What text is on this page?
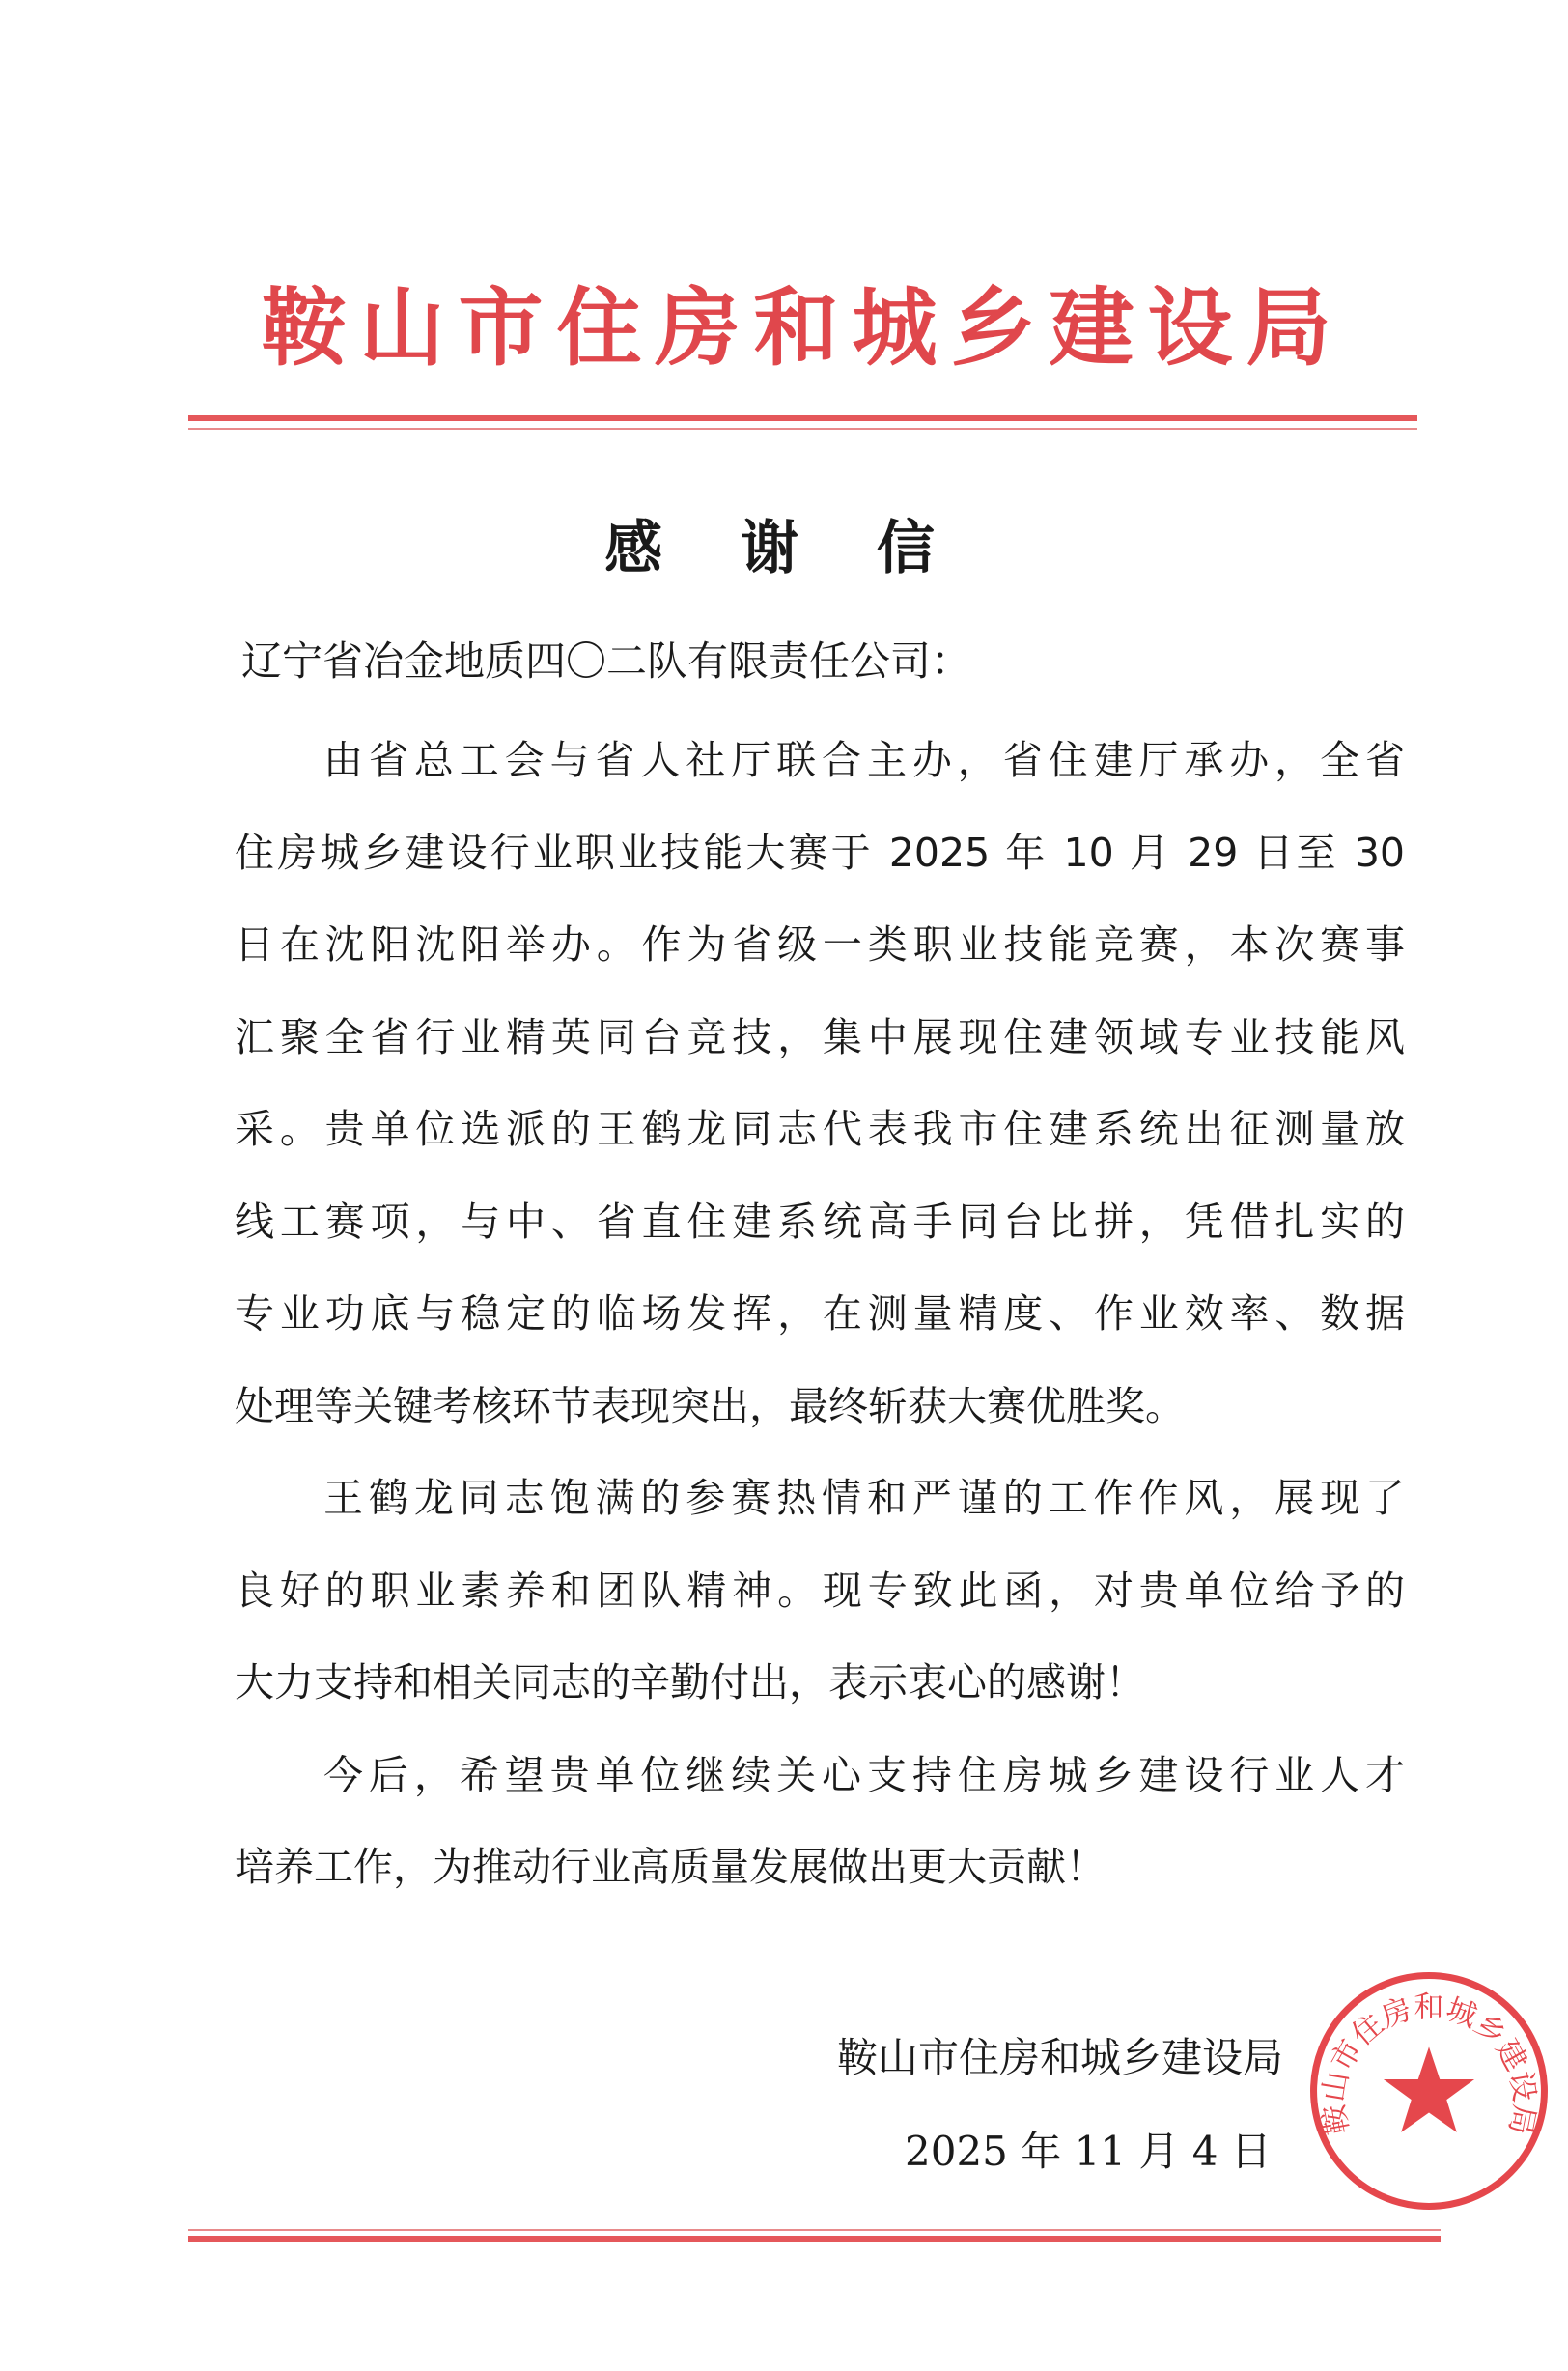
鞍山市住房和城乡建设局
感 谢 信
辽宁省冶金地质四〇二队有限责任公司：
由省总工会与省人社厅联合主办，省住建厅承办，全省
住房城乡建设行业职业技能大赛于 2025 年 10 月 29 日至 30
日在沈阳沈阳举办。作为省级一类职业技能竞赛，本次赛事
汇聚全省行业精英同台竞技，集中展现住建领域专业技能风
采。贵单位选派的王鹤龙同志代表我市住建系统出征测量放
线工赛项，与中、省直住建系统高手同台比拼，凭借扎实的
专业功底与稳定的临场发挥，在测量精度、作业效率、数据
处理等关键考核环节表现突出，最终斩获大赛优胜奖。
王鹤龙同志饱满的参赛热情和严谨的工作作风，展现了
良好的职业素养和团队精神。现专致此函，对贵单位给予的
大力支持和相关同志的辛勤付出，表示衷心的感谢！
今后，希望贵单位继续关心支持住房城乡建设行业人才
培养工作，为推动行业高质量发展做出更大贡献！
鞍山市住房和城乡建设局
鞍山市住房和城乡建设局
2025 年 11 月 4 日
